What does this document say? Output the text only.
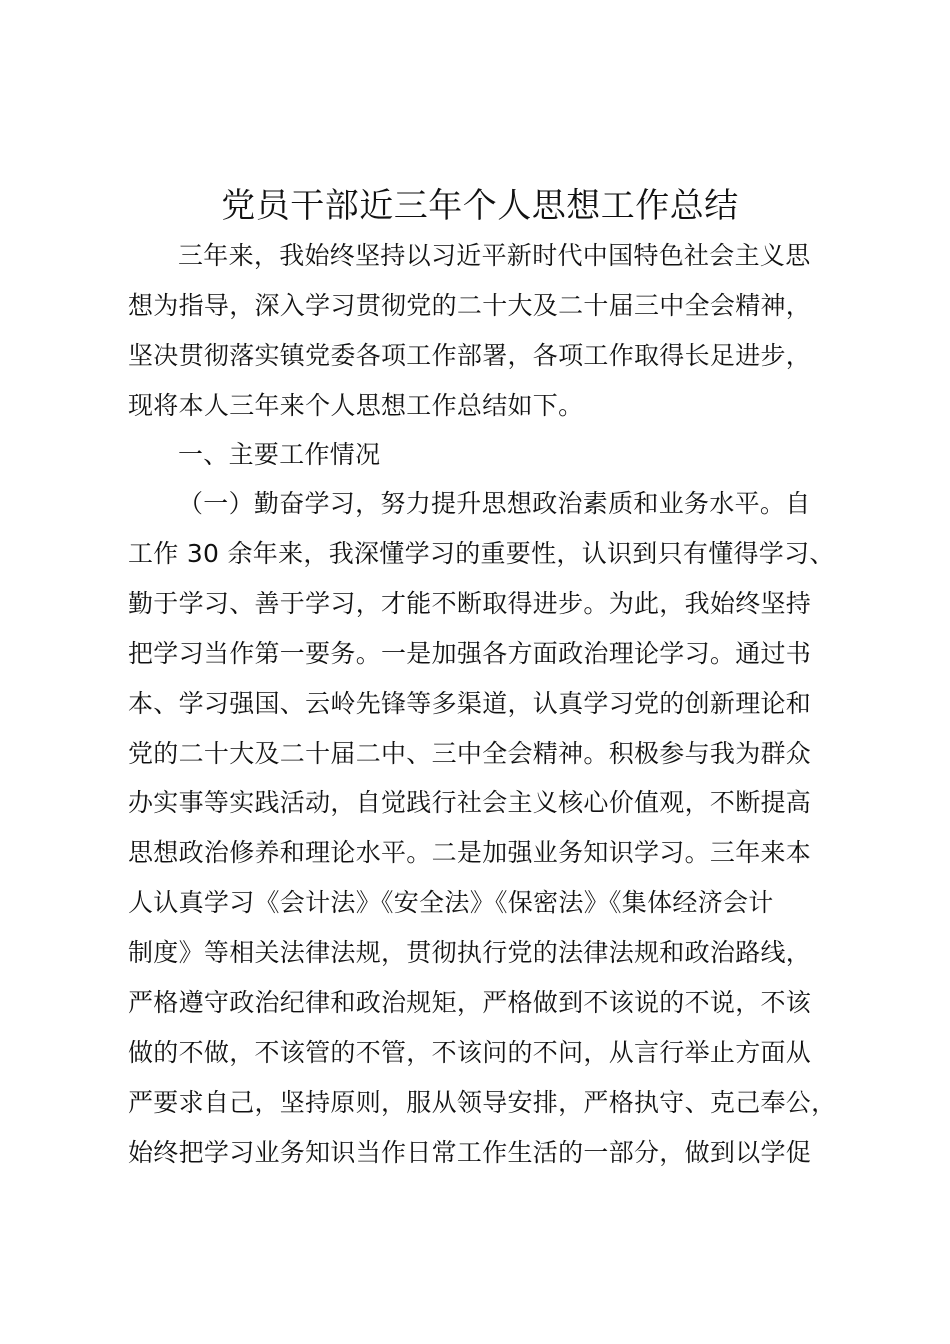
党员干部近三年个人思想工作总结
三年来，我始终坚持以习近平新时代中国特色社会主义思
想为指导，深入学习贯彻党的二十大及二十届三中全会精神，
坚决贯彻落实镇党委各项工作部署，各项工作取得长足进步，
现将本人三年来个人思想工作总结如下。
一、主要工作情况
（一）勤奋学习，努力提升思想政治素质和业务水平。自
工作 30 余年来，我深懂学习的重要性，认识到只有懂得学习、
勤于学习、善于学习，才能不断取得进步。为此，我始终坚持
把学习当作第一要务。一是加强各方面政治理论学习。通过书
本、学习强国、云岭先锋等多渠道，认真学习党的创新理论和
党的二十大及二十届二中、三中全会精神。积极参与我为群众
办实事等实践活动，自觉践行社会主义核心价值观，不断提高
思想政治修养和理论水平。二是加强业务知识学习。三年来本
人认真学习《会计法》《安全法》《保密法》《集体经济会计
制度》等相关法律法规，贯彻执行党的法律法规和政治路线，
严格遵守政治纪律和政治规矩，严格做到不该说的不说，不该
做的不做，不该管的不管，不该问的不问，从言行举止方面从
严要求自己，坚持原则，服从领导安排，严格执守、克己奉公，
始终把学习业务知识当作日常工作生活的一部分，做到以学促
